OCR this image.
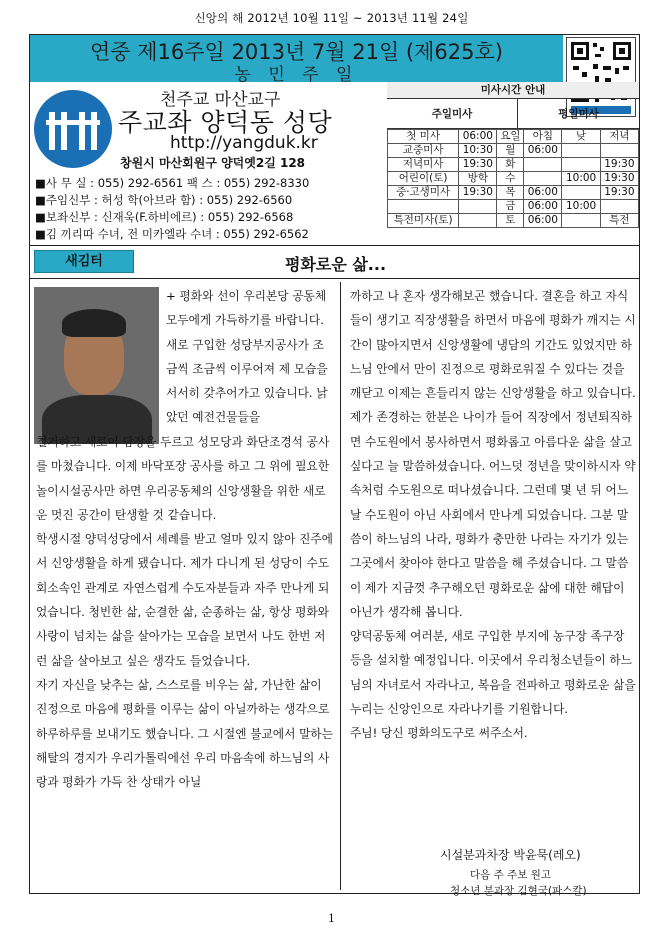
신앙의 해 2012년 10월 11일 ~ 2013년 11월 24일
연중 제16주일 2013년 7월 21일 (제625호)
농 민 주 일
천주교 마산교구
주교좌 양덕동 성당
http://yangduk.kr
창원시 마산회원구 양덕옛2길 128
■사 무 실 : 055) 292-6561 팩 스 : 055) 292-8330
■주임신부 : 허성 학(아브라 함) : 055) 292-6560
■보좌신부 : 신재욱(F.하비에르) : 055) 292-6568
■김 끼리따 수녀, 전 미카엘라 수녀 : 055) 292-6562
미사시간 안내
주일미사	평일미사
첫 미사	06:00	요일	아침	낮	저녁
교중미사	10:30	월	06:00		
저녁미사	19:30	화			19:30
어린이(토)	방학	수		10:00	19:30
중·고생미사	19:30	목	06:00		19:30
		금	06:00	10:00	
특전미사(토)		토	06:00		특전
평화로운 삶...
새김터

+ 평화와 선이 우리본당 공동체 모두에게 가득하기를 바랍니다. 새로 구입한 성당부지공사가 조금씩 조금씩 이루어져 제 모습을 서서히 갖추어가고 있습니다. 낡았던 예전건물들을

철거하고 새로이 담장을 두르고 성모당과 화단조경석 공사를 마쳤습니다. 이제 바닥포장 공사를 하고 그 위에 필요한 놀이시설공사만 하면 우리공동체의 신앙생활을 위한 새로운 멋진 공간이 탄생할 것 같습니다.

학생시절 양덕성당에서 세례를 받고 얼마 있지 않아 진주에서 신앙생활을 하게 됐습니다. 제가 다니게 된 성당이 수도회소속인 관계로 자연스럽게 수도자분들과 자주 만나게 되었습니다. 청빈한 삶, 순결한 삶, 순종하는 삶, 항상 평화와 사랑이 넘치는 삶을 살아가는 모습을 보면서 나도 한번 저런 삶을 살아보고 싶은 생각도 들었습니다.

자기 자신을 낮추는 삶, 스스로를 비우는 삶, 가난한 삶이 진정으로 마음에 평화를 이루는 삶이 아닐까하는 생각으로 하루하루를 보내기도 했습니다. 그 시절엔 불교에서 말하는 해탈의 경지가 우리가톨릭에선 우리 마음속에 하느님의 사랑과 평화가 가득 찬 상태가 아닐

까하고 나 혼자 생각해보곤 했습니다. 결혼을 하고 자식들이 생기고 직장생활을 하면서 마음에 평화가 깨지는 시간이 많아지면서 신앙생활에 냉담의 기간도 있었지만 하느님 안에서 만이 진정으로 평화로워질 수 있다는 것을 깨닫고 이제는 흔들리지 않는 신앙생활을 하고 있습니다.

제가 존경하는 한분은 나이가 들어 직장에서 정년퇴직하면 수도원에서 봉사하면서 평화롭고 아름다운 삶을 살고 싶다고 늘 말씀하셨습니다. 어느덧 정년을 맞이하시자 약속처럼 수도원으로 떠나셨습니다. 그런데 몇 년 뒤 어느날 수도원이 아닌 사회에서 만나게 되었습니다. 그분 말씀이 하느님의 나라, 평화가 충만한 나라는 자기가 있는 그곳에서 찾아야 한다고 말씀을 해 주셨습니다. 그 말씀이 제가 지금껏 추구해오던 평화로운 삶에 대한 해답이 아닌가 생각해 봅니다.

양덕공동체 여러분, 새로 구입한 부지에 농구장 족구장 등을 설치할 예정입니다. 이곳에서 우리청소년들이 하느님의 자녀로서 자라나고, 복음을 전파하고 평화로운 삶을 누리는 신앙인으로 자라나기를 기원합니다.

주님! 당신 평화의도구로 써주소서.

시설분과차장 박윤묵(레오)
다음 주 주보 원고
청소년 분과장 김현국(파스칼)
1
